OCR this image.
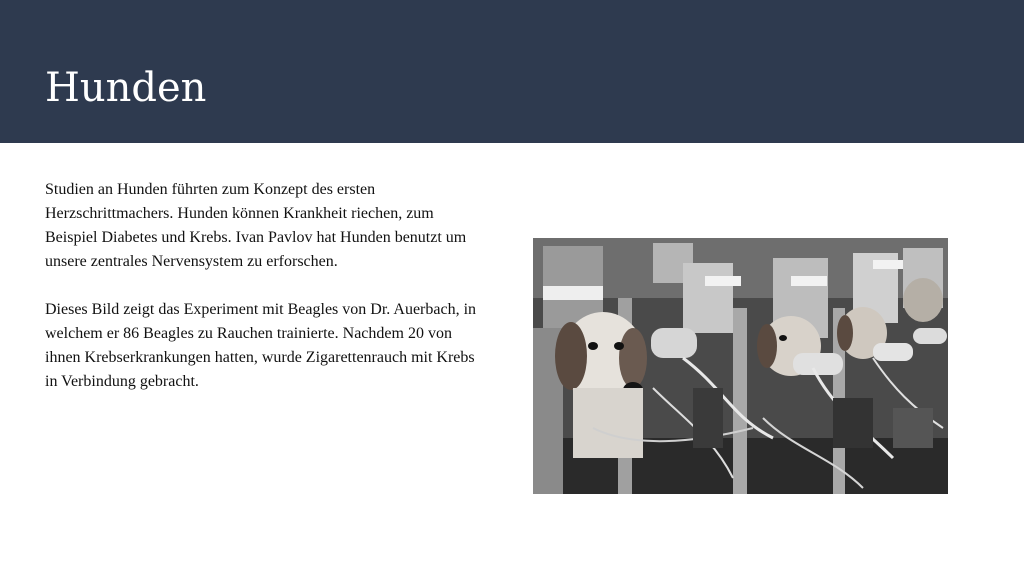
Hunden

Studien an Hunden führten zum Konzept des ersten Herzschrittmachers. Hunden können Krankheit riechen, zum Beispiel Diabetes und Krebs. Ivan Pavlov hat Hunden benutzt um unsere zentrales Nervensystem zu erforschen.

Dieses Bild zeigt das Experiment mit Beagles von Dr. Auerbach, in welchem er 86 Beagles zu Rauchen trainierte. Nachdem 20 von ihnen Krebserkrankungen hatten, wurde Zigarettenrauch mit Krebs in Verbindung gebracht.
